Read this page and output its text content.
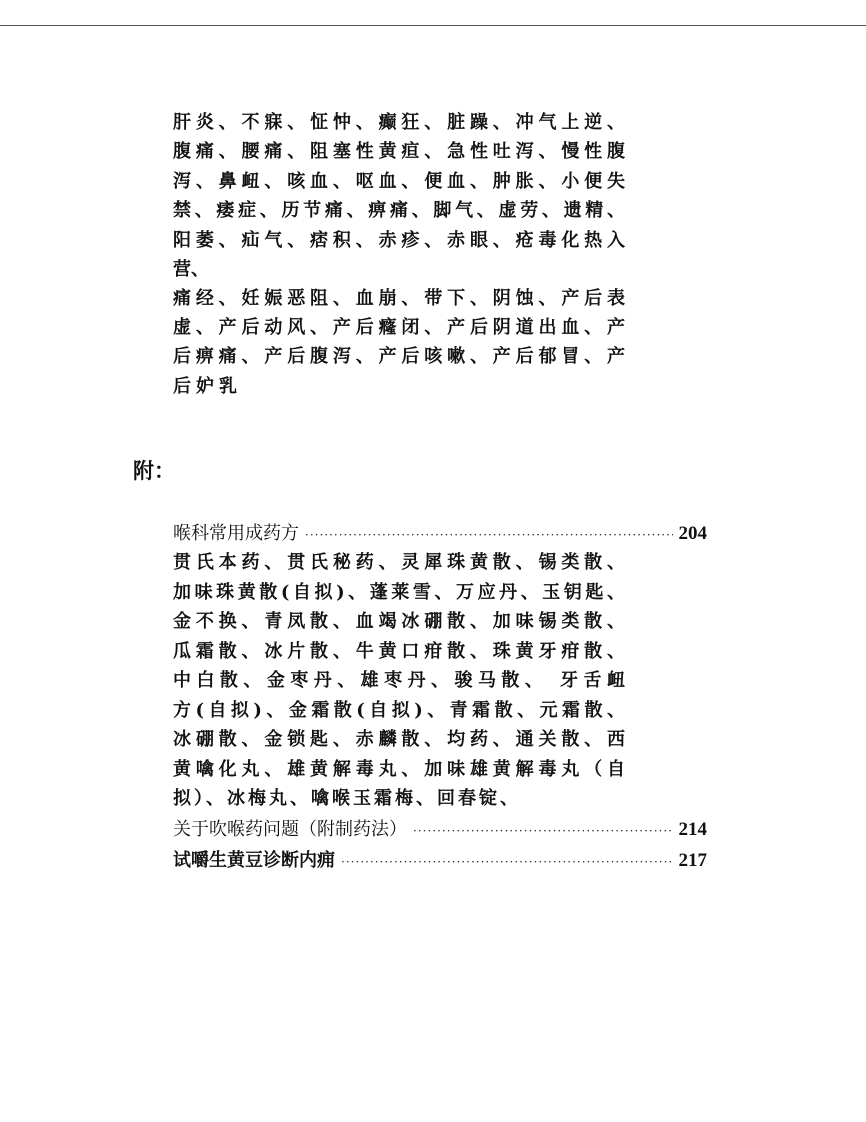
肝炎、不寐、怔忡、癫狂、脏躁、冲气上逆、
腹痛、腰痛、阻塞性黄疸、急性吐泻、慢性腹
泻、鼻衄、咳血、呕血、便血、肿胀、小便失
禁、痿症、历节痛、痹痛、脚气、虚劳、遗精、
阳萎、疝气、痞积、赤疹、赤眼、疮毒化热入
营、
痛经、妊娠恶阻、血崩、带下、阴蚀、产后表
虚、产后动风、产后癃闭、产后阴道出血、产
后痹痛、产后腹泻、产后咳嗽、产后郁冒、产
后妒乳
附：
喉科常用成药方 ·····	204
贯氏本药、贯氏秘药、灵犀珠黄散、锡类散、
加味珠黄散(自拟)、蓬莱雪、万应丹、玉钥匙、
金不换、青凤散、血竭冰硼散、加味锡类散、
瓜霜散、冰片散、牛黄口疳散、珠黄牙疳散、
中白散、金枣丹、雄枣丹、骏马散、 牙舌衄
方(自拟)、金霜散(自拟)、青霜散、元霜散、
冰硼散、金锁匙、赤麟散、均药、通关散、西
黄噙化丸、雄黄解毒丸、加味雄黄解毒丸（自
拟）、冰梅丸、噙喉玉霜梅、回春锭、
关于吹喉药问题（附制药法） ·····	214
试嚼生黄豆诊断内痈 ·····	217
